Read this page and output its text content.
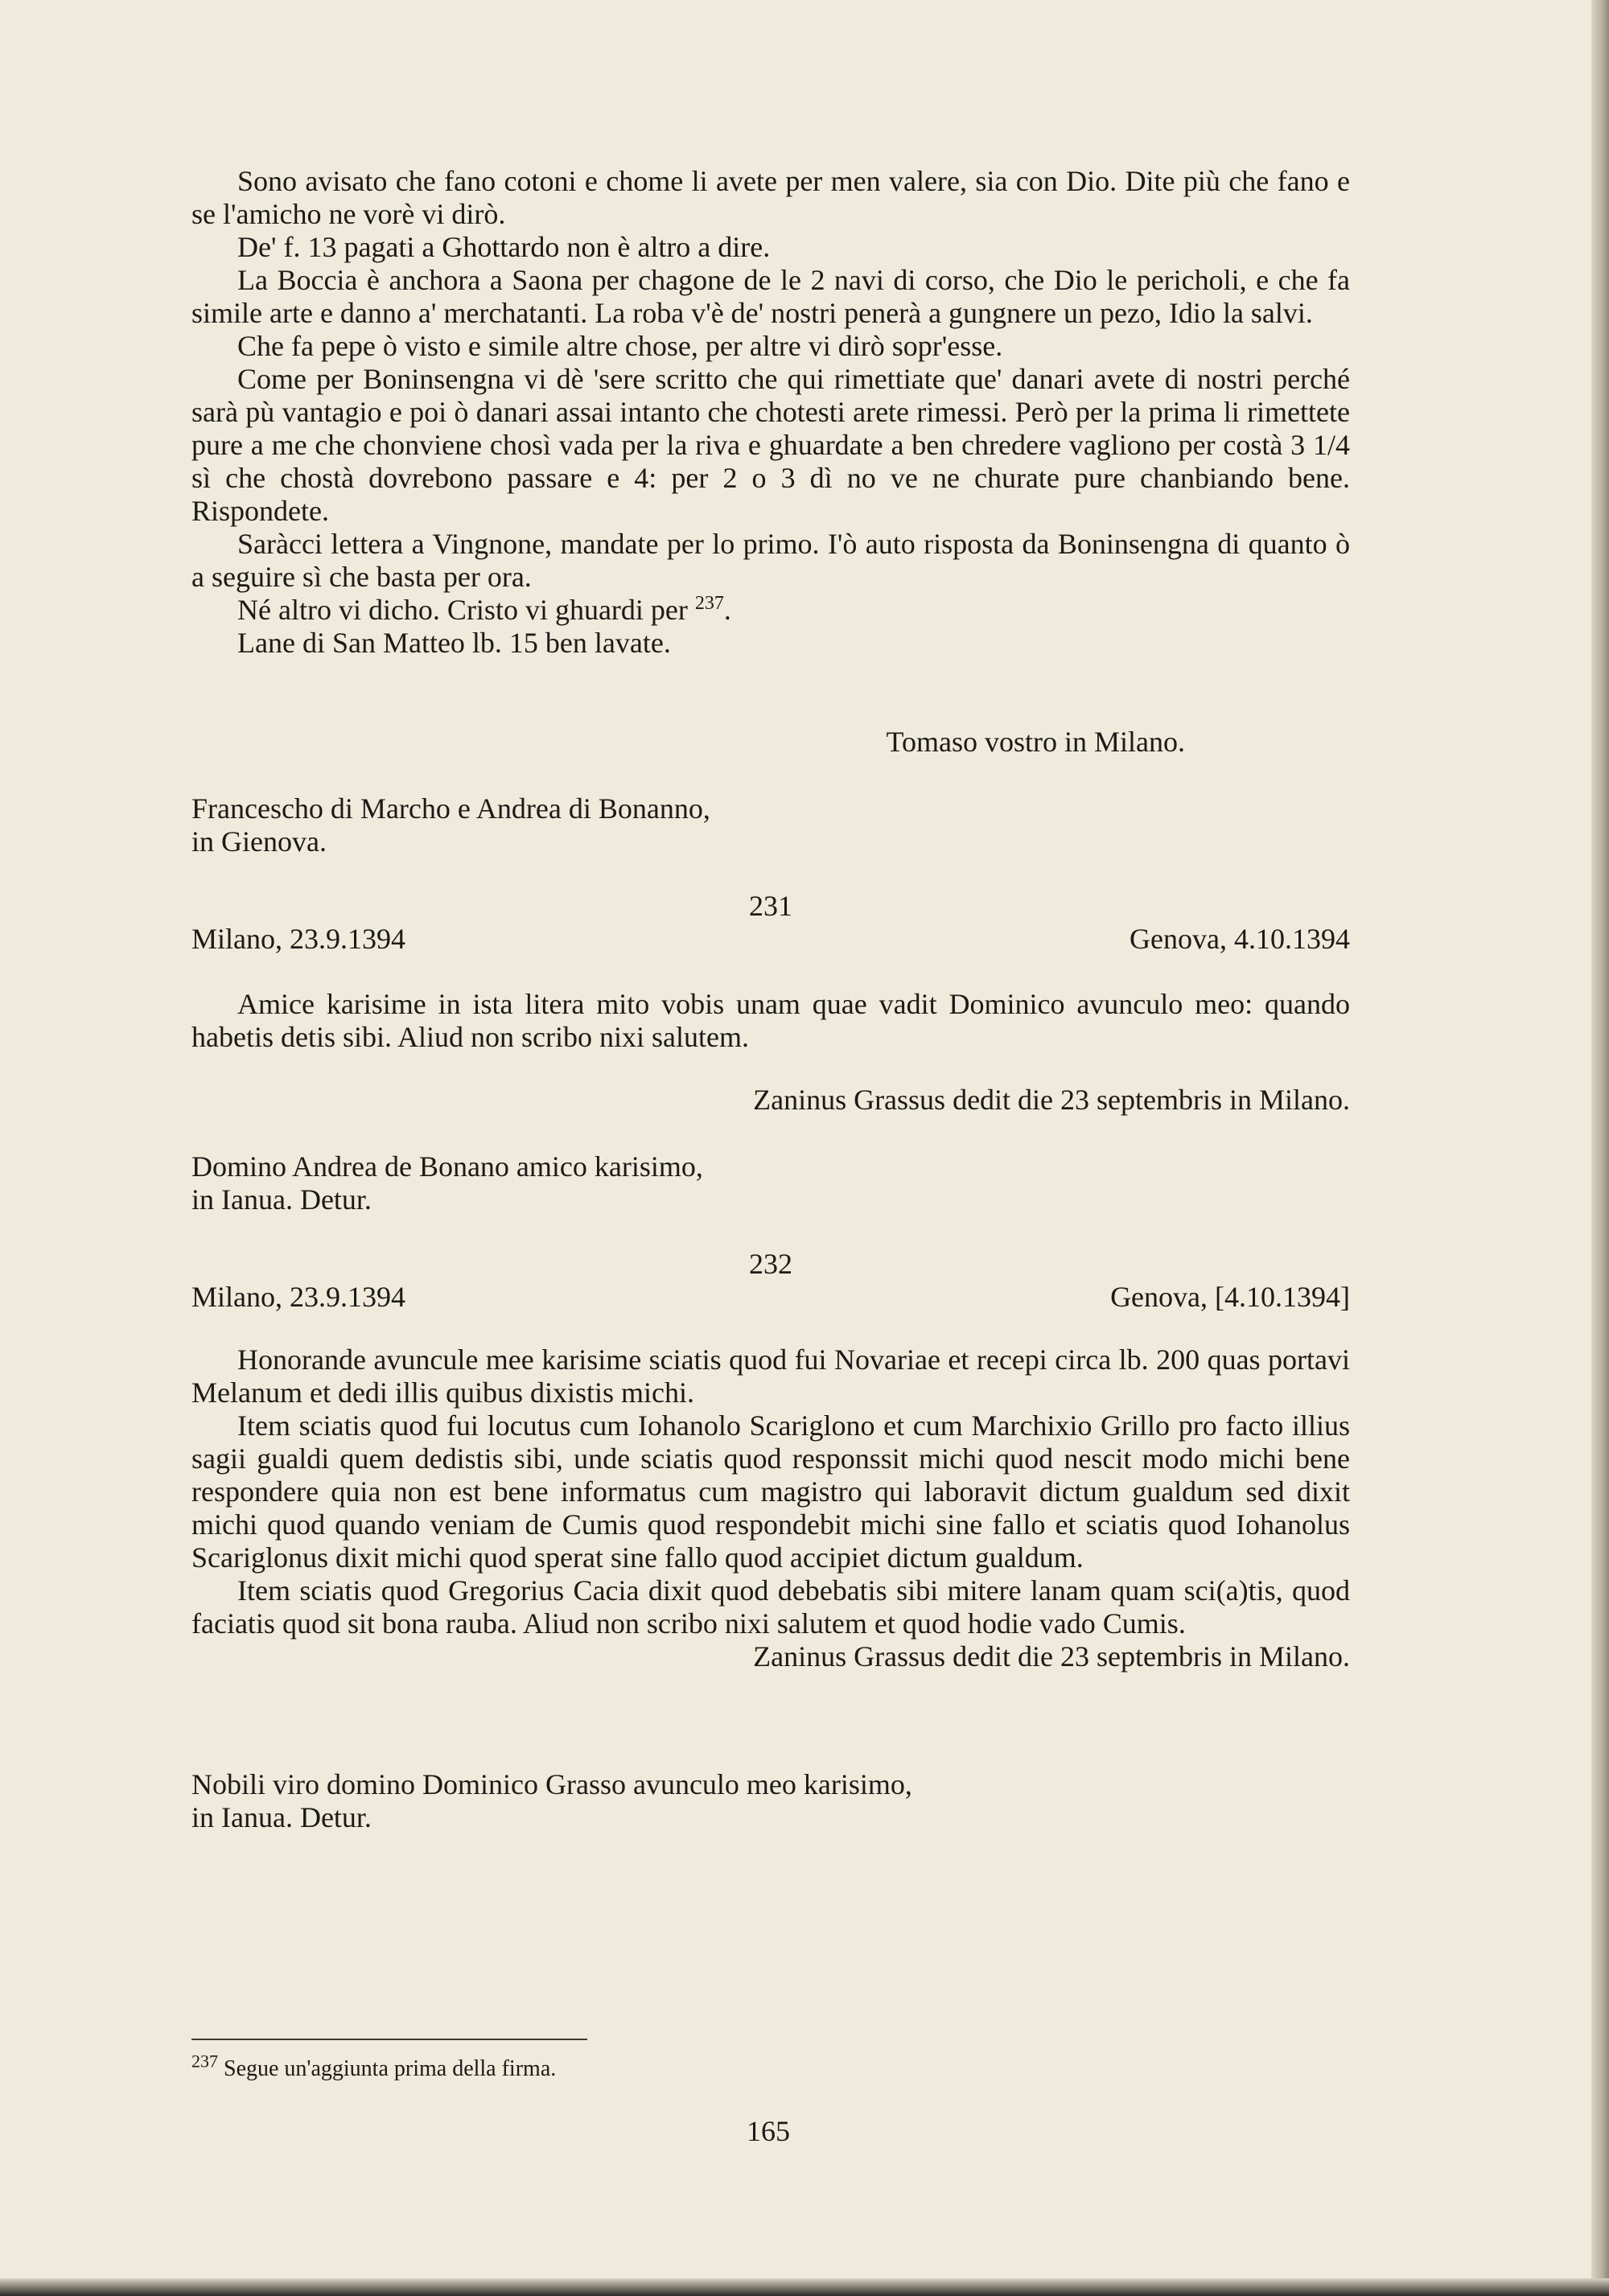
Sono avisato che fano cotoni e chome li avete per men valere, sia con Dio. Dite più che fano e se l'amicho ne vorè vi dirò.

De' f. 13 pagati a Ghottardo non è altro a dire.

La Boccia è anchora a Saona per chagone de le 2 navi di corso, che Dio le pericholi, e che fa simile arte e danno a' merchatanti. La roba v'è de' nostri penerà a gungnere un pezo, Idio la salvi.

Che fa pepe ò visto e simile altre chose, per altre vi dirò sopr'esse.

Come per Boninsengna vi dè 'sere scritto che qui rimettiate que' danari avete di nostri perché sarà pù vantagio e poi ò danari assai intanto che chotesti arete rimessi. Però per la prima li rimettete pure a me che chonviene chosì vada per la riva e ghuardate a ben chredere vagliono per costà 3 1/4 sì che chostà dovrebono passare e 4: per 2 o 3 dì no ve ne churate pure chanbiando bene. Rispondete.

Saràcci lettera a Vingnone, mandate per lo primo. I'ò auto risposta da Boninsengna di quanto ò a seguire sì che basta per ora.

Né altro vi dicho. Cristo vi ghuardi per $^{237}$.

Lane di San Matteo lb. 15 ben lavate.

Tomaso vostro in Milano.

Francescho di Marcho e Andrea di Bonanno,

in Gienova.

231

Milano, 23.9.1394	Genova, 4.10.1394

Amice karisime in ista litera mito vobis unam quae vadit Dominico avunculo meo: quando habetis detis sibi. Aliud non scribo nixi salutem.

Zaninus Grassus dedit die 23 septembris in Milano.

Domino Andrea de Bonano amico karisimo,

in Ianua. Detur.

232

Milano, 23.9.1394	Genova, [4.10.1394]

Honorande avuncule mee karisime sciatis quod fui Novariae et recepi circa lb. 200 quas portavi Melanum et dedi illis quibus dixistis michi.

Item sciatis quod fui locutus cum Iohanolo Scariglono et cum Marchixio Grillo pro facto illius sagii gualdi quem dedistis sibi, unde sciatis quod responssit michi quod nescit modo michi bene respondere quia non est bene informatus cum magistro qui laboravit dictum gualdum sed dixit michi quod quando veniam de Cumis quod respondebit michi sine fallo et sciatis quod Iohanolus Scariglonus dixit michi quod sperat sine fallo quod accipiet dictum gualdum.

Item sciatis quod Gregorius Cacia dixit quod debebatis sibi mitere lanam quam sci(a)tis, quod faciatis quod sit bona rauba. Aliud non scribo nixi salutem et quod hodie vado Cumis.

Zaninus Grassus dedit die 23 septembris in Milano.

Nobili viro domino Dominico Grasso avunculo meo karisimo,

in Ianua. Detur.

$^{237}$ Segue un'aggiunta prima della firma.
165
